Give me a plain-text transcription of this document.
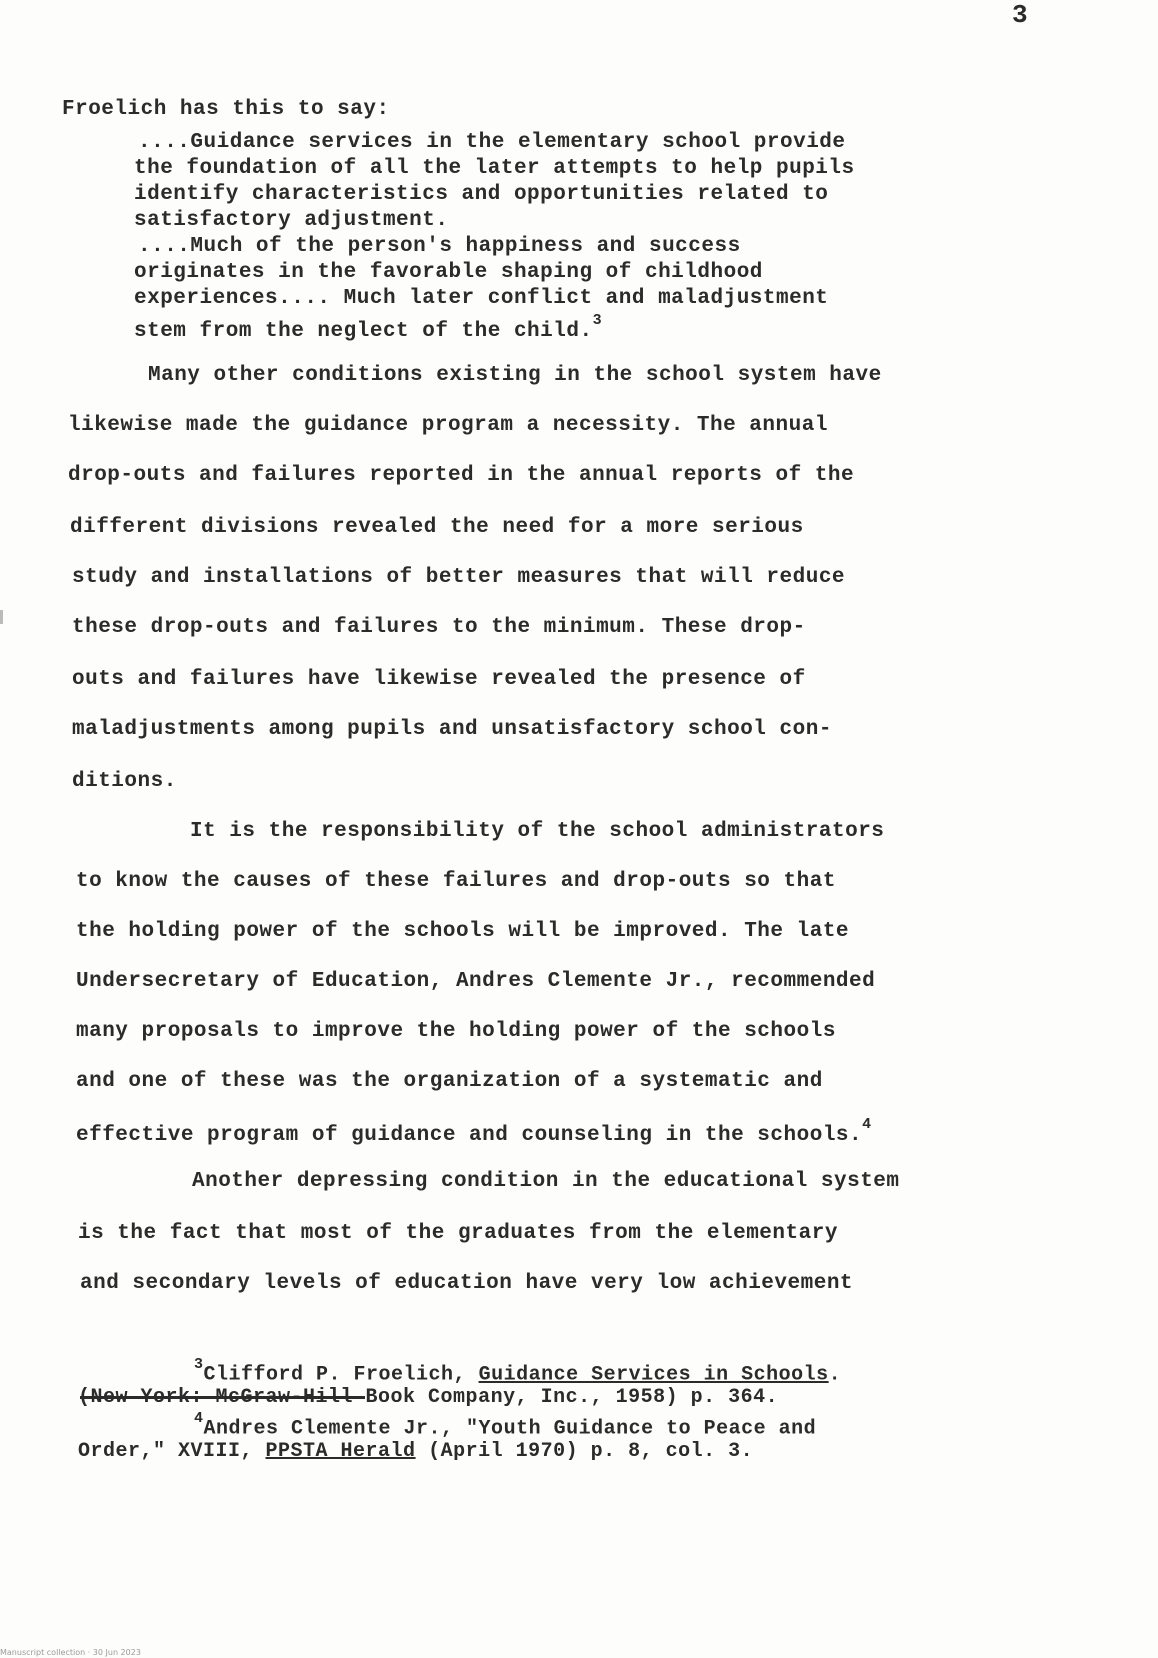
3
Froelich has this to say:
....Guidance services in the elementary school provide
the foundation of all the later attempts to help pupils
identify characteristics and opportunities related to
satisfactory adjustment.
....Much of the person's happiness and success
originates in the favorable shaping of childhood
experiences.... Much later conflict and maladjustment
stem from the neglect of the child.$^3$
Many other conditions existing in the school system have
likewise made the guidance program a necessity. The annual
drop-outs and failures reported in the annual reports of the
different divisions revealed the need for a more serious
study and installations of better measures that will reduce
these drop-outs and failures to the minimum. These drop-
outs and failures have likewise revealed the presence of
maladjustments among pupils and unsatisfactory school con-
ditions.
It is the responsibility of the school administrators
to know the causes of these failures and drop-outs so that
the holding power of the schools will be improved. The late
Undersecretary of Education, Andres Clemente Jr., recommended
many proposals to improve the holding power of the schools
and one of these was the organization of a systematic and
effective program of guidance and counseling in the schools.$^4$
Another depressing condition in the educational system
is the fact that most of the graduates from the elementary
and secondary levels of education have very low achievement
$^3$Clifford P. Froelich, Guidance Services in Schools.
(New York: McGraw-Hill Book Company, Inc., 1958) p. 364.
$^4$Andres Clemente Jr., "Youth Guidance to Peace and
Order," XVIII, PPSTA Herald (April 1970) p. 8, col. 3.
Manuscript collection · 30 Jun 2023
